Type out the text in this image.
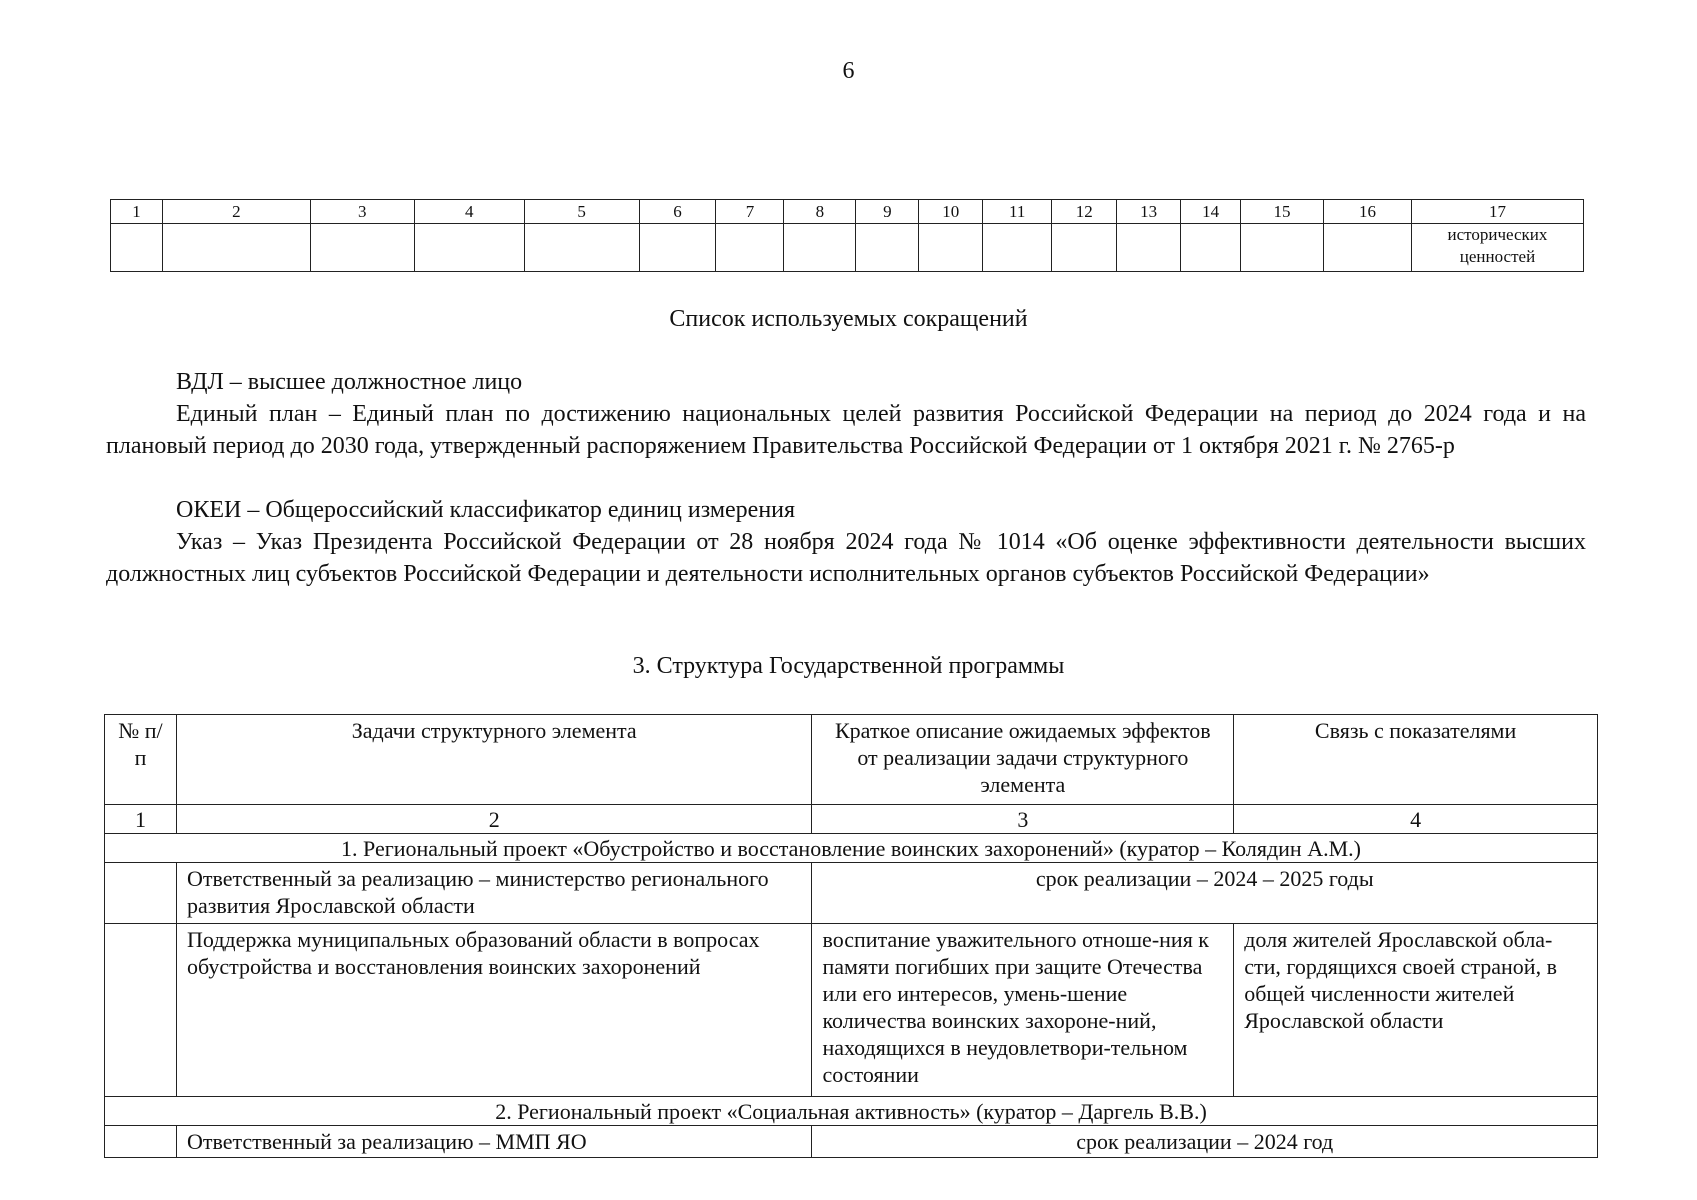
6
1	2	3	4	5	6	7	8	9	10	11	12	13	14	15	16	17

																исторических
ценностей
Список используемых сокращений
ВДЛ – высшее должностное лицо
Единый план – Единый план по достижению национальных целей развития Российской Федерации на период до 2024 года и на плановый период до 2030 года, утвержденный распоряжением Правительства Российской Федерации от 1 октября 2021 г. № 2765-р
ОКЕИ – Общероссийский классификатор единиц измерения
Указ – Указ Президента Российской Федерации от 28 ноября 2024 года № 1014 «Об оценке эффективности деятельности высших должностных лиц субъектов Российской Федерации и деятельности исполнительных органов субъектов Российской Федерации»
3. Структура Государственной программы
№ п/п	Задачи структурного элемента	Краткое описание ожидаемых эффектов от реализации задачи структурного элемента	Связь с показателями
1	2	3	4
1. Региональный проект «Обустройство и восстановление воинских захоронений» (куратор – Колядин А.М.)			
	Ответственный за реализацию – министерство регионального развития Ярославской области	срок реализации – 2024 – 2025 годы	
	Поддержка муниципальных образований области в вопросах обустройства и восстановления воинских захоронений	воспитание уважительного отноше-ния к памяти погибших при защите Отечества или его интересов, умень-шение количества воинских захороне-ний, находящихся в неудовлетвори-тельном состоянии	доля жителей Ярославской обла-сти, гордящихся своей страной, в общей численности жителей Ярославской области
2. Региональный проект «Социальная активность» (куратор – Даргель В.В.)			
	Ответственный за реализацию – ММП ЯО	срок реализации – 2024 год	
